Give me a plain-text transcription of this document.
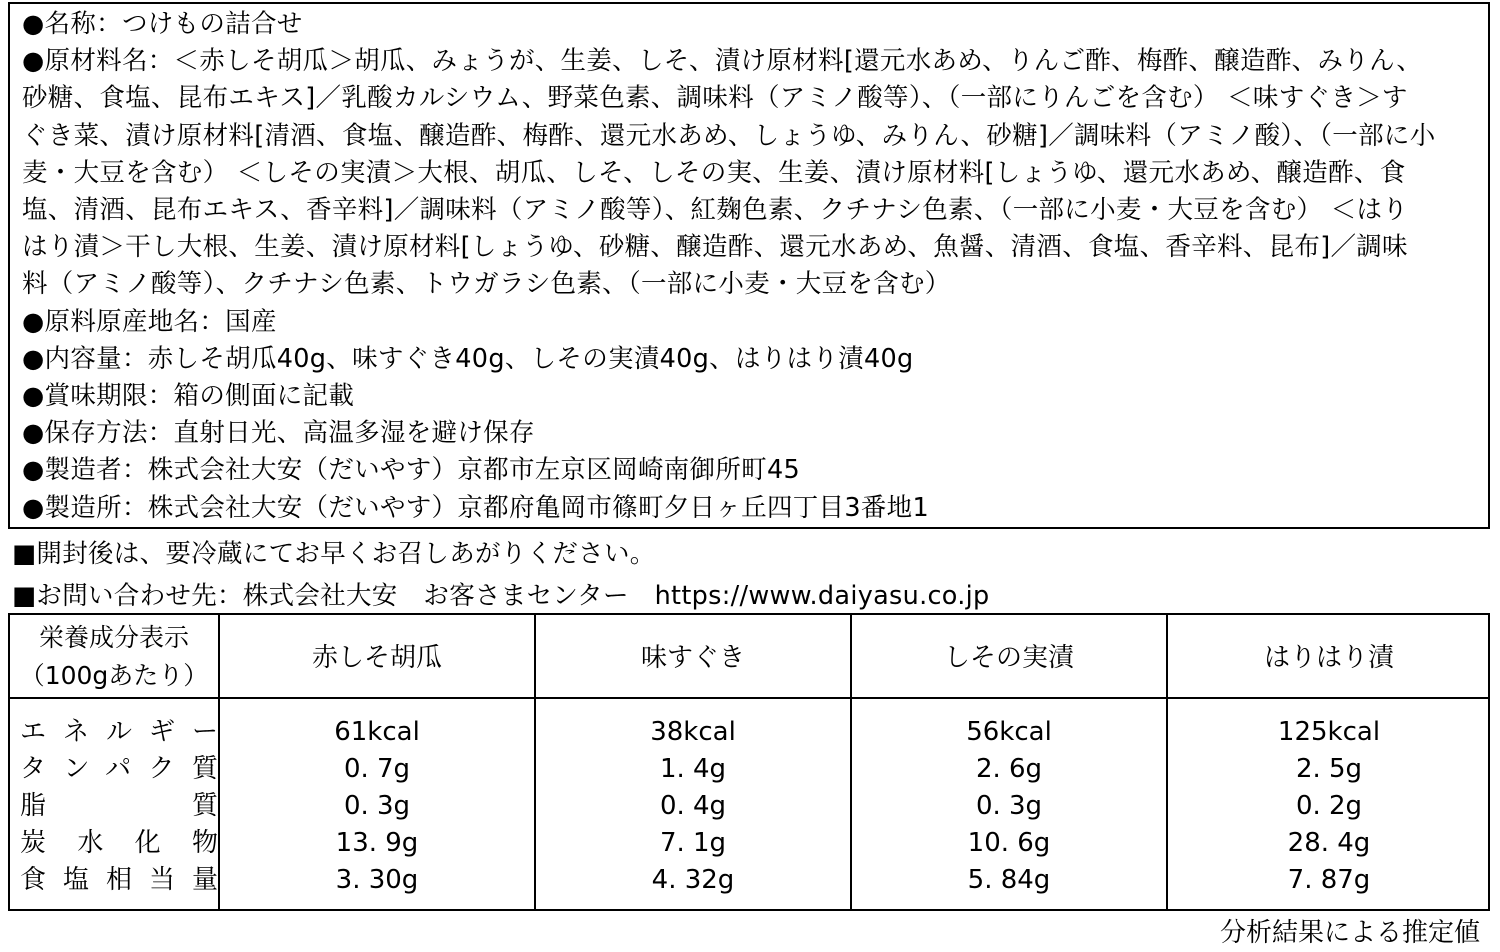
●名称：つけもの詰合せ
●原材料名：＜赤しそ胡瓜＞胡瓜、みょうが、生姜、しそ、漬け原材料[還元水あめ、りんご酢、梅酢、醸造酢、みりん、
砂糖、食塩、昆布エキス]／乳酸カルシウム、野菜色素、調味料（アミノ酸等）、（一部にりんごを含む） ＜味すぐき＞す
ぐき菜、漬け原材料[清酒、食塩、醸造酢、梅酢、還元水あめ、しょうゆ、みりん、砂糖]／調味料（アミノ酸）、（一部に小
麦・大豆を含む） ＜しその実漬＞大根、胡瓜、しそ、しその実、生姜、漬け原材料[しょうゆ、還元水あめ、醸造酢、食
塩、清酒、昆布エキス、香辛料]／調味料（アミノ酸等）、紅麹色素、クチナシ色素、（一部に小麦・大豆を含む） ＜はり
はり漬＞干し大根、生姜、漬け原材料[しょうゆ、砂糖、醸造酢、還元水あめ、魚醤、清酒、食塩、香辛料、昆布]／調味
料（アミノ酸等）、クチナシ色素、トウガラシ色素、（一部に小麦・大豆を含む）
●原料原産地名：国産
●内容量：赤しそ胡瓜40g、味すぐき40g、しその実漬40g、はりはり漬40g
●賞味期限：箱の側面に記載
●保存方法：直射日光、高温多湿を避け保存
●製造者：株式会社大安（だいやす）京都市左京区岡崎南御所町45
●製造所：株式会社大安（だいやす）京都府亀岡市篠町夕日ヶ丘四丁目3番地1
■開封後は、要冷蔵にてお早くお召しあがりください。
■お問い合わせ先：株式会社大安　お客さまセンター　https://www.daiyasu.co.jp
栄養成分表示
（100gあたり）
赤しそ胡瓜	味すぐき	しその実漬	はりはり漬
エネルギー	61kcal	38kcal	56kcal	125kcal
タンパク質	0. 7g	1. 4g	2. 6g	2. 5g
脂質	0. 3g	0. 4g	0. 3g	0. 2g
炭水化物	13. 9g	7. 1g	10. 6g	28. 4g
食塩相当量	3. 30g	4. 32g	5. 84g	7. 87g
分析結果による推定値
